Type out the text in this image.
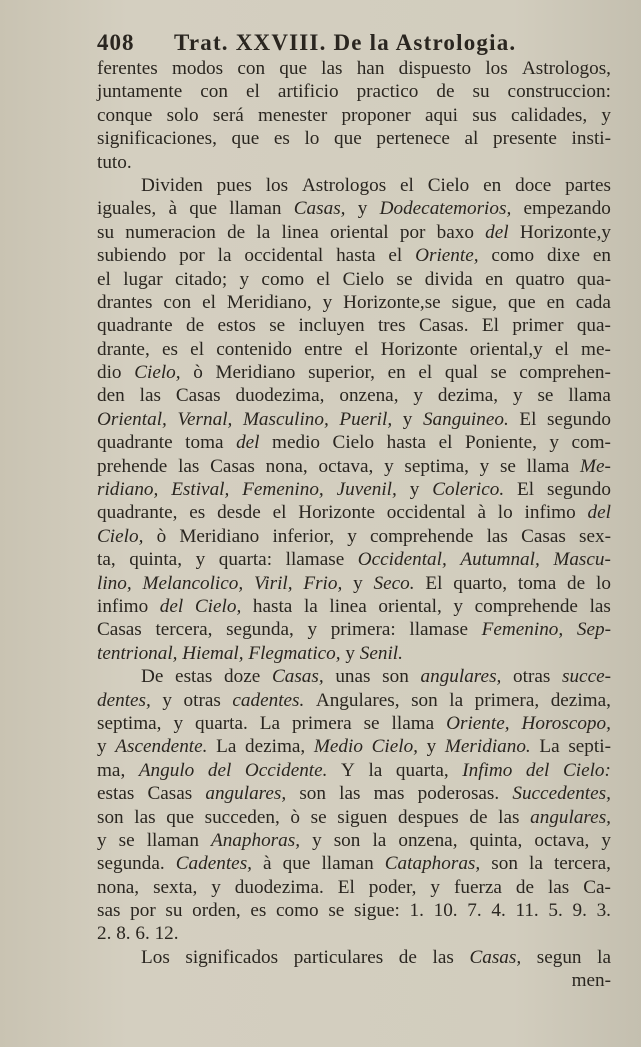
408 Trat. XXVIII. De la Astrologia.
ferentes modos con que las han dispuesto los Astrologos,
juntamente con el artificio practico de su construccion:
conque solo será menester proponer aqui sus calidades, y
significaciones, que es lo que pertenece al presente insti-
tuto.
Dividen pues los Astrologos el Cielo en doce partes
iguales, à que llaman Casas, y Dodecatemorios, empezando
su numeracion de la linea oriental por baxo del Horizonte,y
subiendo por la occidental hasta el Oriente, como dixe en
el lugar citado; y como el Cielo se divida en quatro qua-
drantes con el Meridiano, y Horizonte,se sigue, que en cada
quadrante de estos se incluyen tres Casas. El primer qua-
drante, es el contenido entre el Horizonte oriental,y el me-
dio Cielo, ò Meridiano superior, en el qual se comprehen-
den las Casas duodezima, onzena, y dezima, y se llama
Oriental, Vernal, Masculino, Pueril, y Sanguineo. El segundo
quadrante toma del medio Cielo hasta el Poniente, y com-
prehende las Casas nona, octava, y septima, y se llama Me-
ridiano, Estival, Femenino, Juvenil, y Colerico. El segundo
quadrante, es desde el Horizonte occidental à lo infimo del
Cielo, ò Meridiano inferior, y comprehende las Casas sex-
ta, quinta, y quarta: llamase Occidental, Autumnal, Mascu-
lino, Melancolico, Viril, Frio, y Seco. El quarto, toma de lo
infimo del Cielo, hasta la linea oriental, y comprehende las
Casas tercera, segunda, y primera: llamase Femenino, Sep-
tentrional, Hiemal, Flegmatico, y Senil.
De estas doze Casas, unas son angulares, otras succe-
dentes, y otras cadentes. Angulares, son la primera, dezima,
septima, y quarta. La primera se llama Oriente, Horoscopo,
y Ascendente. La dezima, Medio Cielo, y Meridiano. La septi-
ma, Angulo del Occidente. Y la quarta, Infimo del Cielo:
estas Casas angulares, son las mas poderosas. Succedentes,
son las que succeden, ò se siguen despues de las angulares,
y se llaman Anaphoras, y son la onzena, quinta, octava, y
segunda. Cadentes, à que llaman Cataphoras, son la tercera,
nona, sexta, y duodezima. El poder, y fuerza de las Ca-
sas por su orden, es como se sigue: 1. 10. 7. 4. 11. 5. 9. 3.
2. 8. 6. 12.
Los significados particulares de las Casas, segun la
men-
